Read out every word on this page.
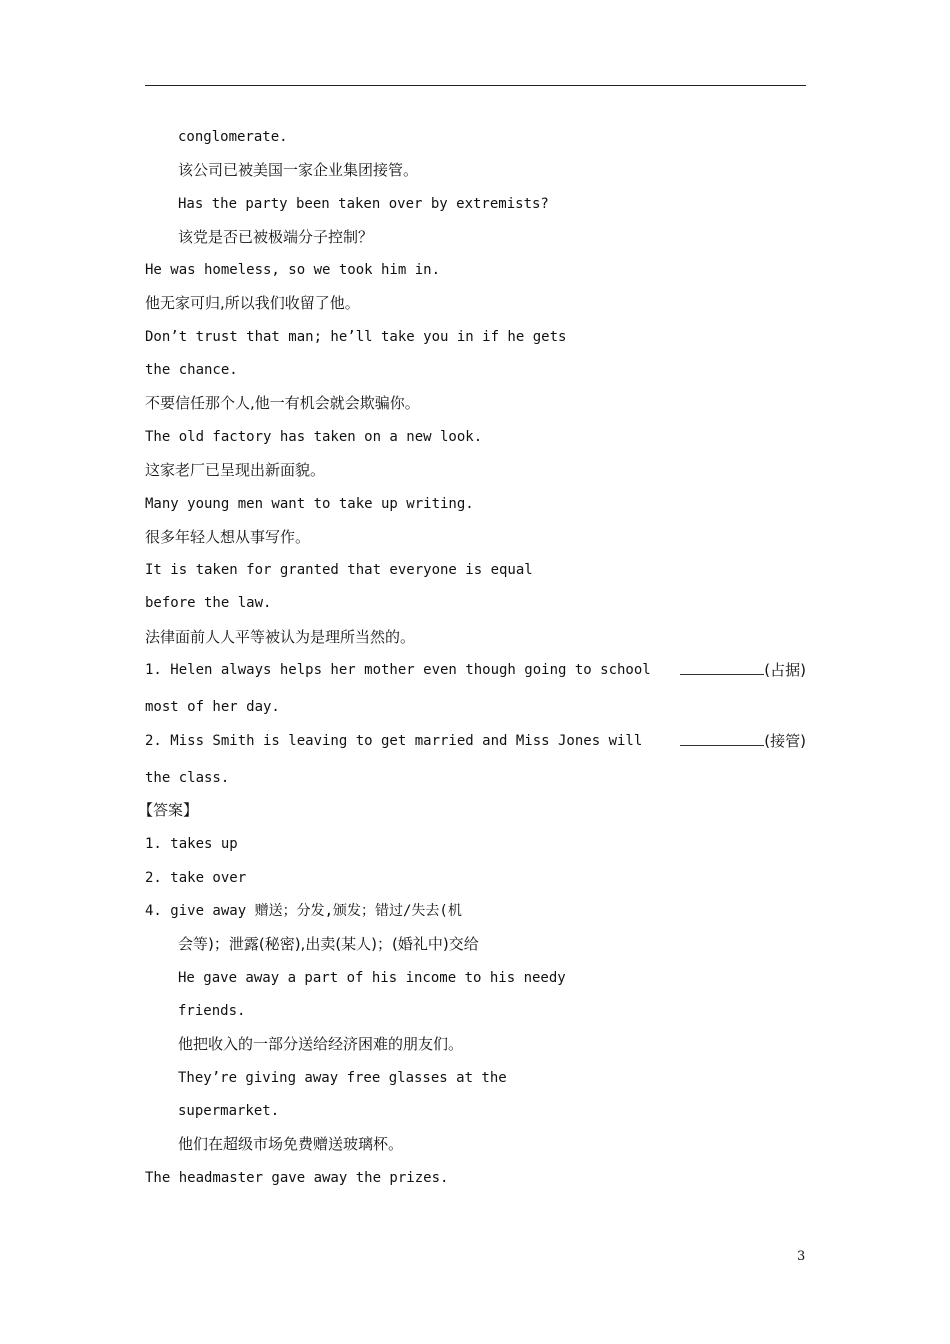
conglomerate.
该公司已被美国一家企业集团接管。
Has the party been taken over by extremists?
该党是否已被极端分子控制？
He was homeless, so we took him in.
他无家可归,所以我们收留了他。
Don’t trust that man; he’ll take you in if he gets
the chance.
不要信任那个人,他一有机会就会欺骗你。
The old factory has taken on a new look.
这家老厂已呈现出新面貌。
Many young men want to take up writing.
很多年轻人想从事写作。
It is taken for granted that everyone is equal
before the law.
法律面前人人平等被认为是理所当然的。
1. Helen always helps her mother even though going to school	(占据)
most of her day.
2. Miss Smith is leaving to get married and Miss Jones will	(接管)
the class.
【答案】
1. takes up
2. take over
4. give away 赠送；分发,颁发；错过/失去(机
会等)；泄露(秘密),出卖(某人)；(婚礼中)交给
He gave away a part of his income to his needy
friends.
他把收入的一部分送给经济困难的朋友们。
They’re giving away free glasses at the
supermarket.
他们在超级市场免费赠送玻璃杯。
The headmaster gave away the prizes.
3
